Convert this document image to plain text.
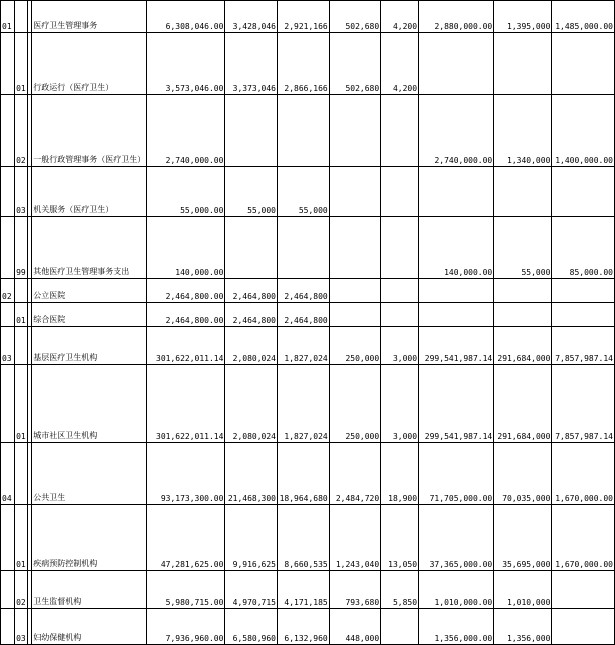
01			医疗卫生管理事务	6,308,046.00	3,428,046	2,921,166	502,680	4,200	2,880,000.00	1,395,000	1,485,000.00
	01		行政运行（医疗卫生）	3,573,046.00	3,373,046	2,866,166	502,680	4,200			
	02		一般行政管理事务（医疗卫生）	2,740,000.00					2,740,000.00	1,340,000	1,400,000.00
	03		机关服务（医疗卫生）	55,000.00	55,000	55,000					
	99		其他医疗卫生管理事务支出	140,000.00					140,000.00	55,000	85,000.00
02			公立医院	2,464,800.00	2,464,800	2,464,800					
	01		综合医院	2,464,800.00	2,464,800	2,464,800					
03			基层医疗卫生机构	301,622,011.14	2,080,024	1,827,024	250,000	3,000	299,541,987.14	291,684,000	7,857,987.14
	01		城市社区卫生机构	301,622,011.14	2,080,024	1,827,024	250,000	3,000	299,541,987.14	291,684,000	7,857,987.14
04			公共卫生	93,173,300.00	21,468,300	18,964,680	2,484,720	18,900	71,705,000.00	70,035,000	1,670,000.00
	01		疾病预防控制机构	47,281,625.00	9,916,625	8,660,535	1,243,040	13,050	37,365,000.00	35,695,000	1,670,000.00
	02		卫生监督机构	5,980,715.00	4,970,715	4,171,185	793,680	5,850	1,010,000.00	1,010,000	
	03		妇幼保健机构	7,936,960.00	6,580,960	6,132,960	448,000		1,356,000.00	1,356,000	
